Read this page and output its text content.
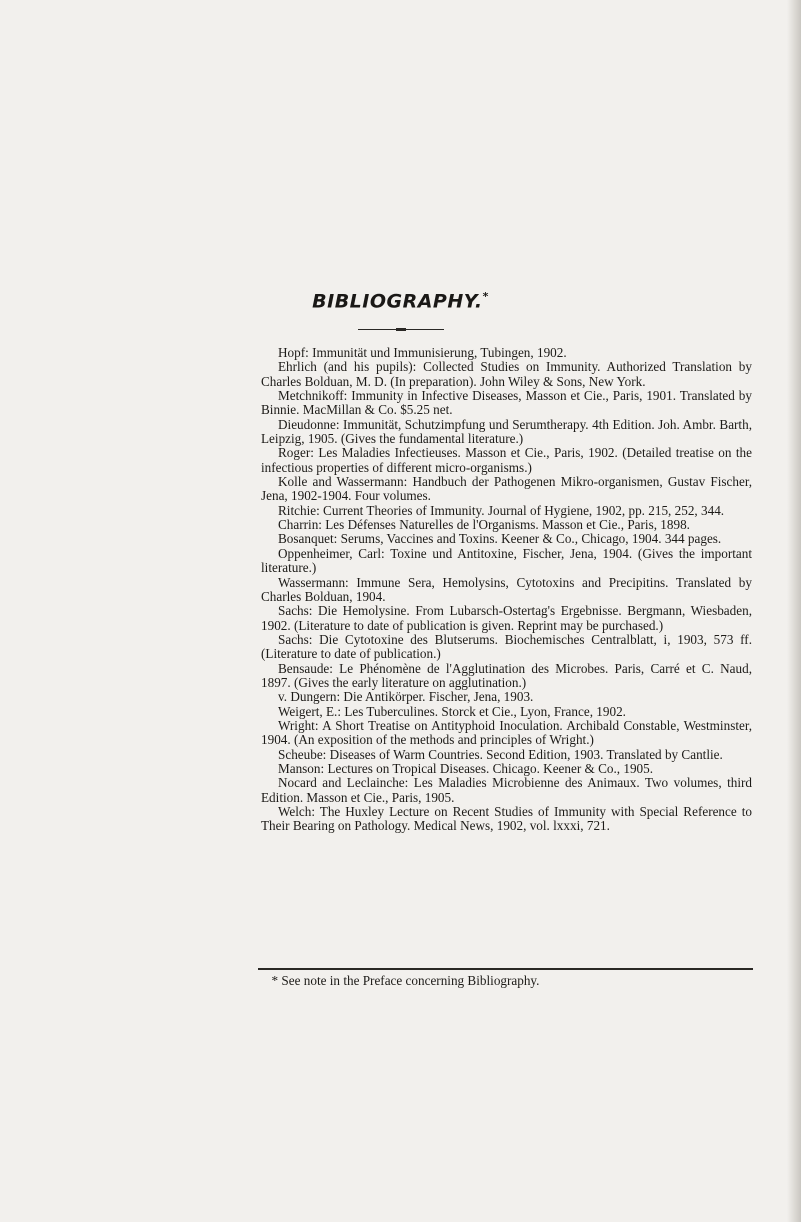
BIBLIOGRAPHY.*

Hopf: Immunität und Immunisierung, Tubingen, 1902.

Ehrlich (and his pupils): Collected Studies on Immunity. Authorized Translation by Charles Bolduan, M. D. (In preparation). John Wiley & Sons, New York.

Metchnikoff: Immunity in Infective Diseases, Masson et Cie., Paris, 1901. Translated by Binnie. MacMillan & Co. $5.25 net.

Dieudonne: Immunität, Schutzimpfung und Serumtherapy. 4th Edition. Joh. Ambr. Barth, Leipzig, 1905. (Gives the fundamental literature.)

Roger: Les Maladies Infectieuses. Masson et Cie., Paris, 1902. (Detailed treatise on the infectious properties of different micro-organisms.)

Kolle and Wassermann: Handbuch der Pathogenen Mikro-organismen, Gustav Fischer, Jena, 1902-1904. Four volumes.

Ritchie: Current Theories of Immunity. Journal of Hygiene, 1902, pp. 215, 252, 344.

Charrin: Les Défenses Naturelles de l'Organisms. Masson et Cie., Paris, 1898.

Bosanquet: Serums, Vaccines and Toxins. Keener & Co., Chicago, 1904. 344 pages.

Oppenheimer, Carl: Toxine und Antitoxine, Fischer, Jena, 1904. (Gives the important literature.)

Wassermann: Immune Sera, Hemolysins, Cytotoxins and Precipitins. Translated by Charles Bolduan, 1904.

Sachs: Die Hemolysine. From Lubarsch-Ostertag's Ergebnisse. Bergmann, Wiesbaden, 1902. (Literature to date of publication is given. Reprint may be purchased.)

Sachs: Die Cytotoxine des Blutserums. Biochemisches Centralblatt, i, 1903, 573 ff. (Literature to date of publication.)

Bensaude: Le Phénomène de l'Agglutination des Microbes. Paris, Carré et C. Naud, 1897. (Gives the early literature on agglutination.)

v. Dungern: Die Antikörper. Fischer, Jena, 1903.

Weigert, E.: Les Tuberculines. Storck et Cie., Lyon, France, 1902.

Wright: A Short Treatise on Antityphoid Inoculation. Archibald Constable, Westminster, 1904. (An exposition of the methods and principles of Wright.)

Scheube: Diseases of Warm Countries. Second Edition, 1903. Translated by Cantlie.

Manson: Lectures on Tropical Diseases. Chicago. Keener & Co., 1905.

Nocard and Leclainche: Les Maladies Microbienne des Animaux. Two volumes, third Edition. Masson et Cie., Paris, 1905.

Welch: The Huxley Lecture on Recent Studies of Immunity with Special Reference to Their Bearing on Pathology. Medical News, 1902, vol. lxxxi, 721.

* See note in the Preface concerning Bibliography.
